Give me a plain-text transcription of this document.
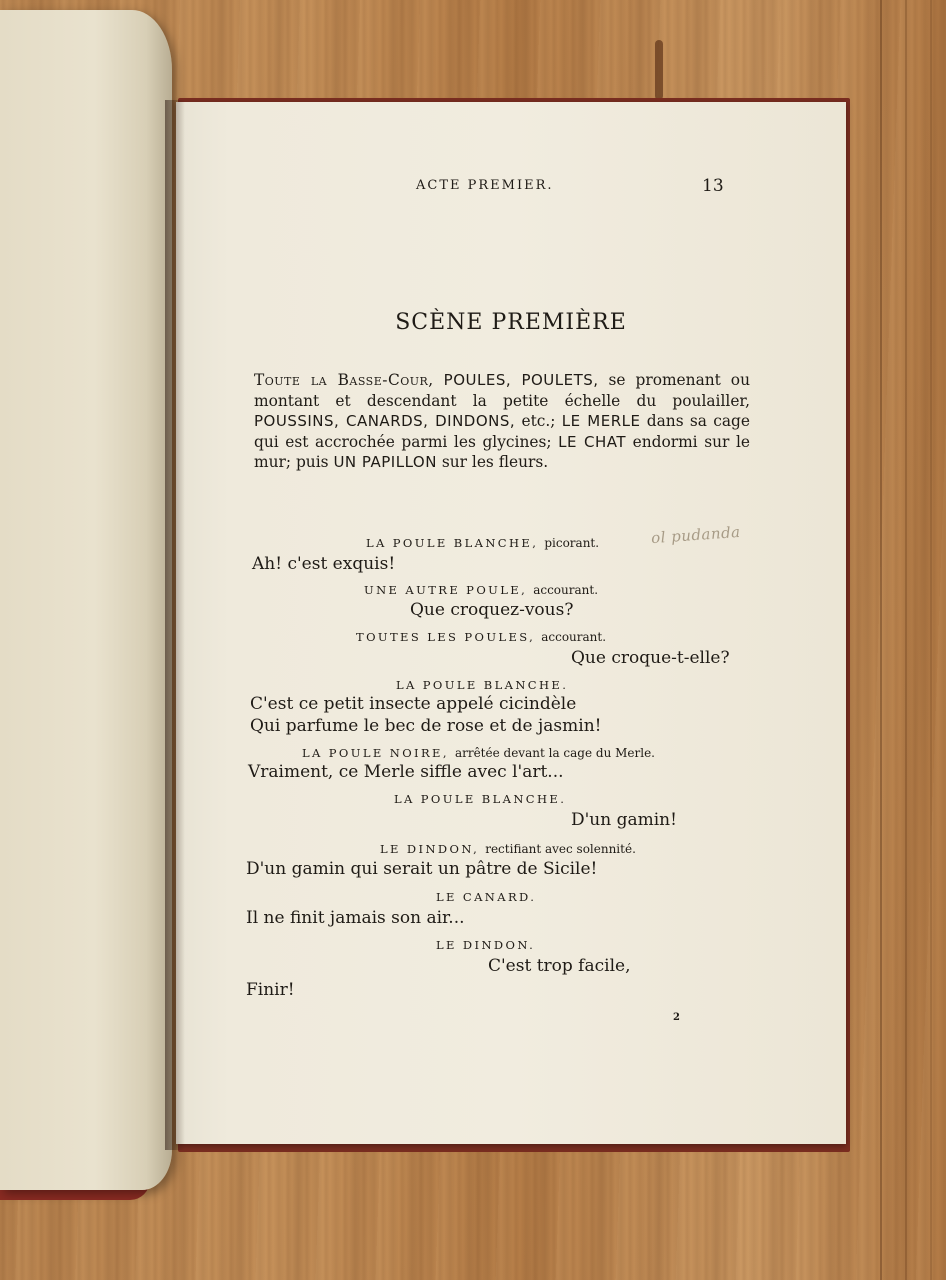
ACTE PREMIER.	13
SCÈNE PREMIÈRE
Toute la Basse-Cour, POULES, POULETS, se promenant ou montant et descendant la petite échelle du poulailler, POUSSINS, CANARDS, DINDONS, etc.; LE MERLE dans sa cage qui est accrochée parmi les glycines; LE CHAT endormi sur le mur; puis UN PAPILLON sur les fleurs.
ol pudanda
LA POULE BLANCHE, picorant.
Ah! c'est exquis!
UNE AUTRE POULE, accourant.
Que croquez-vous?
TOUTES LES POULES, accourant.
Que croque-t-elle?
LA POULE BLANCHE.
C'est ce petit insecte appelé cicindèle
Qui parfume le bec de rose et de jasmin!
LA POULE NOIRE, arrêtée devant la cage du Merle.
Vraiment, ce Merle siffle avec l'art...
LA POULE BLANCHE.
D'un gamin!
LE DINDON, rectifiant avec solennité.
D'un gamin qui serait un pâtre de Sicile!
LE CANARD.
Il ne finit jamais son air...
LE DINDON.
C'est trop facile,
Finir!
2
